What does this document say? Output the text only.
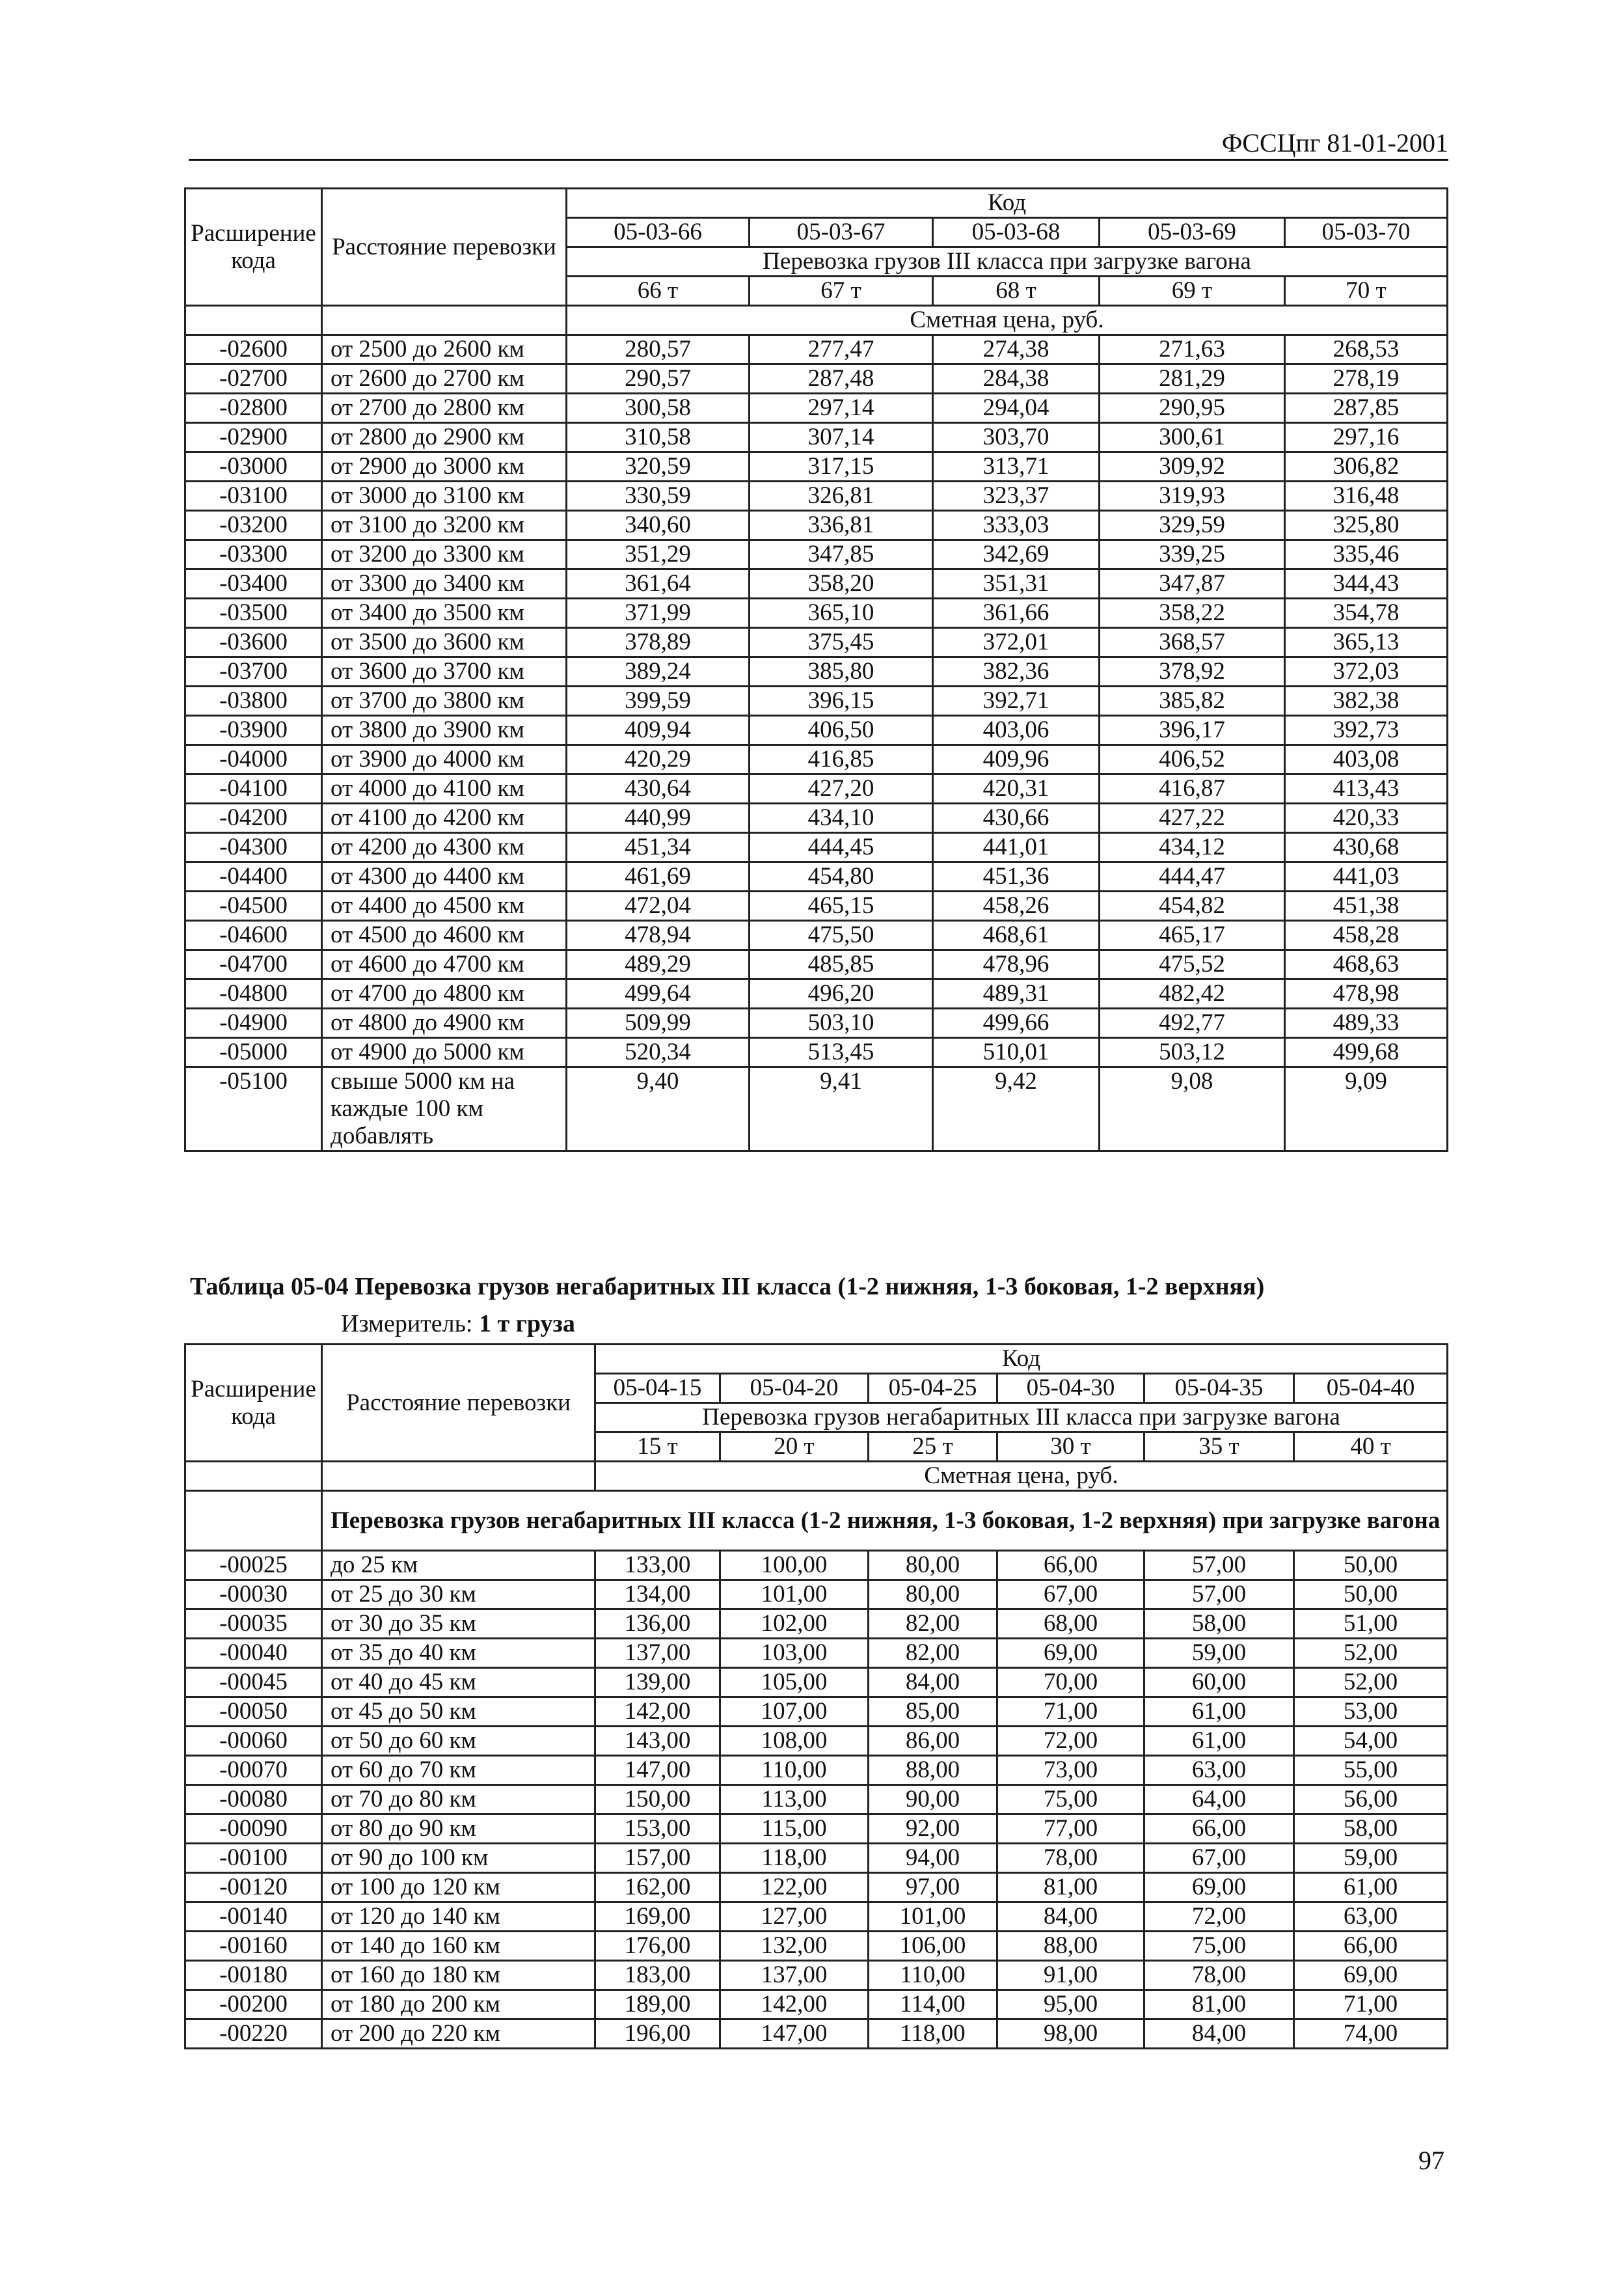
ФССЦпг 81-01-2001
Расширение кода	Расстояние перевозки	Код				
		05-03-66	05-03-67	05-03-68	05-03-69	05-03-70
		Перевозка грузов III класса при загрузке вагона				
		66 т	67 т	68 т	69 т	70 т
		Сметная цена, руб.				
-02600	от 2500 до 2600 км	280,57	277,47	274,38	271,63	268,53
-02700	от 2600 до 2700 км	290,57	287,48	284,38	281,29	278,19
-02800	от 2700 до 2800 км	300,58	297,14	294,04	290,95	287,85
-02900	от 2800 до 2900 км	310,58	307,14	303,70	300,61	297,16
-03000	от 2900 до 3000 км	320,59	317,15	313,71	309,92	306,82
-03100	от 3000 до 3100 км	330,59	326,81	323,37	319,93	316,48
-03200	от 3100 до 3200 км	340,60	336,81	333,03	329,59	325,80
-03300	от 3200 до 3300 км	351,29	347,85	342,69	339,25	335,46
-03400	от 3300 до 3400 км	361,64	358,20	351,31	347,87	344,43
-03500	от 3400 до 3500 км	371,99	365,10	361,66	358,22	354,78
-03600	от 3500 до 3600 км	378,89	375,45	372,01	368,57	365,13
-03700	от 3600 до 3700 км	389,24	385,80	382,36	378,92	372,03
-03800	от 3700 до 3800 км	399,59	396,15	392,71	385,82	382,38
-03900	от 3800 до 3900 км	409,94	406,50	403,06	396,17	392,73
-04000	от 3900 до 4000 км	420,29	416,85	409,96	406,52	403,08
-04100	от 4000 до 4100 км	430,64	427,20	420,31	416,87	413,43
-04200	от 4100 до 4200 км	440,99	434,10	430,66	427,22	420,33
-04300	от 4200 до 4300 км	451,34	444,45	441,01	434,12	430,68
-04400	от 4300 до 4400 км	461,69	454,80	451,36	444,47	441,03
-04500	от 4400 до 4500 км	472,04	465,15	458,26	454,82	451,38
-04600	от 4500 до 4600 км	478,94	475,50	468,61	465,17	458,28
-04700	от 4600 до 4700 км	489,29	485,85	478,96	475,52	468,63
-04800	от 4700 до 4800 км	499,64	496,20	489,31	482,42	478,98
-04900	от 4800 до 4900 км	509,99	503,10	499,66	492,77	489,33
-05000	от 4900 до 5000 км	520,34	513,45	510,01	503,12	499,68
-05100	свыше 5000 км на каждые 100 км добавлять	9,40	9,41	9,42	9,08	9,09
Таблица 05-04 Перевозка грузов негабаритных III класса (1-2 нижняя, 1-3 боковая, 1-2 верхняя)
Измеритель: 1 т груза
Расширение кода	Расстояние перевозки	Код					
		05-04-15	05-04-20	05-04-25	05-04-30	05-04-35	05-04-40
		Перевозка грузов негабаритных III класса при загрузке вагона					
		15 т	20 т	25 т	30 т	35 т	40 т
		Сметная цена, руб.					
	Перевозка грузов негабаритных III класса (1-2 нижняя, 1-3 боковая, 1-2 верхняя) при загрузке вагона						
-00025	до 25 км	133,00	100,00	80,00	66,00	57,00	50,00
-00030	от 25 до 30 км	134,00	101,00	80,00	67,00	57,00	50,00
-00035	от 30 до 35 км	136,00	102,00	82,00	68,00	58,00	51,00
-00040	от 35 до 40 км	137,00	103,00	82,00	69,00	59,00	52,00
-00045	от 40 до 45 км	139,00	105,00	84,00	70,00	60,00	52,00
-00050	от 45 до 50 км	142,00	107,00	85,00	71,00	61,00	53,00
-00060	от 50 до 60 км	143,00	108,00	86,00	72,00	61,00	54,00
-00070	от 60 до 70 км	147,00	110,00	88,00	73,00	63,00	55,00
-00080	от 70 до 80 км	150,00	113,00	90,00	75,00	64,00	56,00
-00090	от 80 до 90 км	153,00	115,00	92,00	77,00	66,00	58,00
-00100	от 90 до 100 км	157,00	118,00	94,00	78,00	67,00	59,00
-00120	от 100 до 120 км	162,00	122,00	97,00	81,00	69,00	61,00
-00140	от 120 до 140 км	169,00	127,00	101,00	84,00	72,00	63,00
-00160	от 140 до 160 км	176,00	132,00	106,00	88,00	75,00	66,00
-00180	от 160 до 180 км	183,00	137,00	110,00	91,00	78,00	69,00
-00200	от 180 до 200 км	189,00	142,00	114,00	95,00	81,00	71,00
-00220	от 200 до 220 км	196,00	147,00	118,00	98,00	84,00	74,00
97
